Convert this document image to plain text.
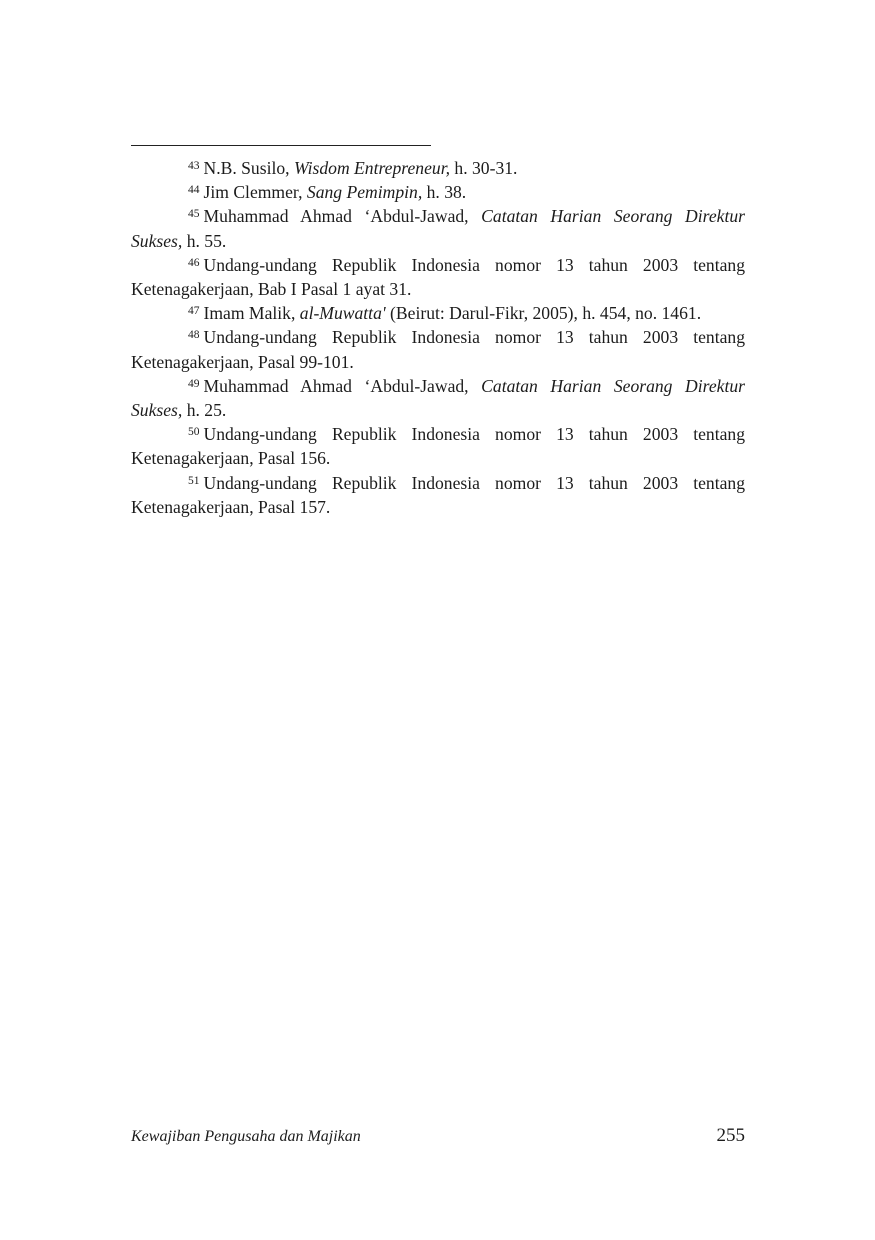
$^{43}$ N.B. Susilo, Wisdom Entrepreneur, h. 30-31.

$^{44}$ Jim Clemmer, Sang Pemimpin, h. 38.

$^{45}$ Muhammad Ahmad ‘Abdul-Jawad, Catatan Harian Seorang Direktur Sukses, h. 55.

$^{46}$ Undang-undang Republik Indonesia nomor 13 tahun 2003 tentang Ketenagakerjaan, Bab I Pasal 1 ayat 31.

$^{47}$ Imam Malik, al-Muwatta' (Beirut: Darul-Fikr, 2005), h. 454, no. 1461.

$^{48}$ Undang-undang Republik Indonesia nomor 13 tahun 2003 tentang Ketenagakerjaan, Pasal 99-101.

$^{49}$ Muhammad Ahmad ‘Abdul-Jawad, Catatan Harian Seorang Direktur Sukses, h. 25.

$^{50}$ Undang-undang Republik Indonesia nomor 13 tahun 2003 tentang Ketenagakerjaan, Pasal 156.

$^{51}$ Undang-undang Republik Indonesia nomor 13 tahun 2003 tentang Ketenagakerjaan, Pasal 157.

Kewajiban Pengusaha dan Majikan	255
